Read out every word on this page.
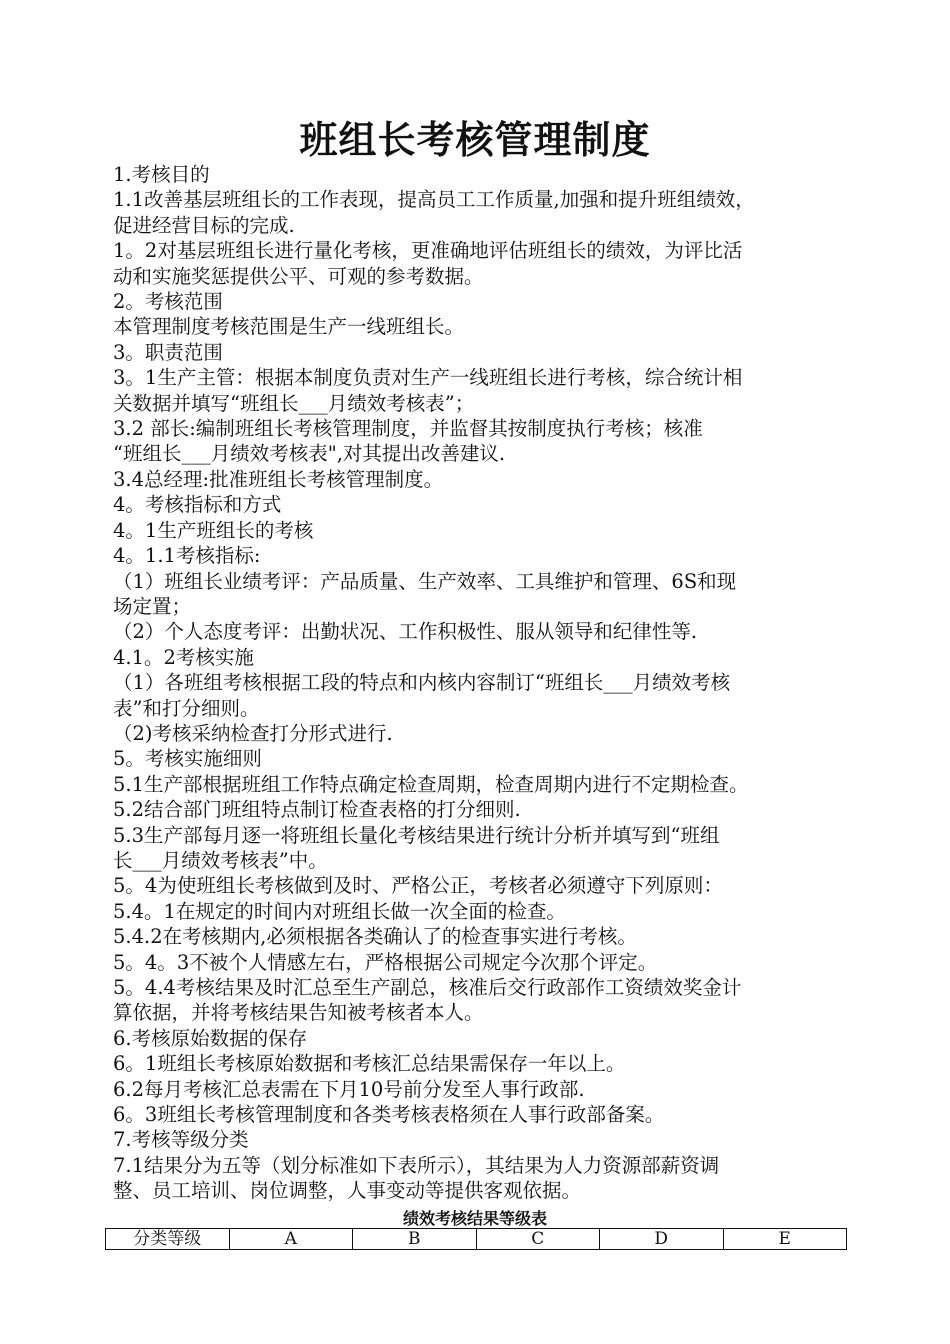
班组长考核管理制度

1.考核目的

1.1改善基层班组长的工作表现，提高员工工作质量,加强和提升班组绩效，

促进经营目标的完成.

1。2对基层班组长进行量化考核，更准确地评估班组长的绩效，为评比活

动和实施奖惩提供公平、可观的参考数据。

2。考核范围

本管理制度考核范围是生产一线班组长。

3。职责范围

3。1生产主管：根据本制度负责对生产一线班组长进行考核，综合统计相

关数据并填写“班组长___月绩效考核表”；

3.2 部长:编制班组长考核管理制度，并监督其按制度执行考核；核准

“班组长___月绩效考核表",对其提出改善建议.

3.4总经理:批准班组长考核管理制度。

4。考核指标和方式

4。1生产班组长的考核

4。1.1考核指标:

（1）班组长业绩考评：产品质量、生产效率、工具维护和管理、6S和现

场定置；

（2）个人态度考评：出勤状况、工作积极性、服从领导和纪律性等.

4.1。2考核实施

（1）各班组考核根据工段的特点和内核内容制订“班组长___月绩效考核

表”和打分细则。

（2)考核采纳检查打分形式进行.

5。考核实施细则

5.1生产部根据班组工作特点确定检查周期，检查周期内进行不定期检查。

5.2结合部门班组特点制订检查表格的打分细则.

5.3生产部每月逐一将班组长量化考核结果进行统计分析并填写到“班组

长___月绩效考核表”中。

5。4为使班组长考核做到及时、严格公正，考核者必须遵守下列原则：

5.4。1在规定的时间内对班组长做一次全面的检查。

5.4.2在考核期内,必须根据各类确认了的检查事实进行考核。

5。4。3不被个人情感左右，严格根据公司规定今次那个评定。

5。4.4考核结果及时汇总至生产副总，核准后交行政部作工资绩效奖金计

算依据，并将考核结果告知被考核者本人。

6.考核原始数据的保存

6。1班组长考核原始数据和考核汇总结果需保存一年以上。

6.2每月考核汇总表需在下月10号前分发至人事行政部.

6。3班组长考核管理制度和各类考核表格须在人事行政部备案。

7.考核等级分类

7.1结果分为五等（划分标准如下表所示），其结果为人力资源部薪资调

整、员工培训、岗位调整，人事变动等提供客观依据。

绩效考核结果等级表
分类等级	A	B	C	D	E
